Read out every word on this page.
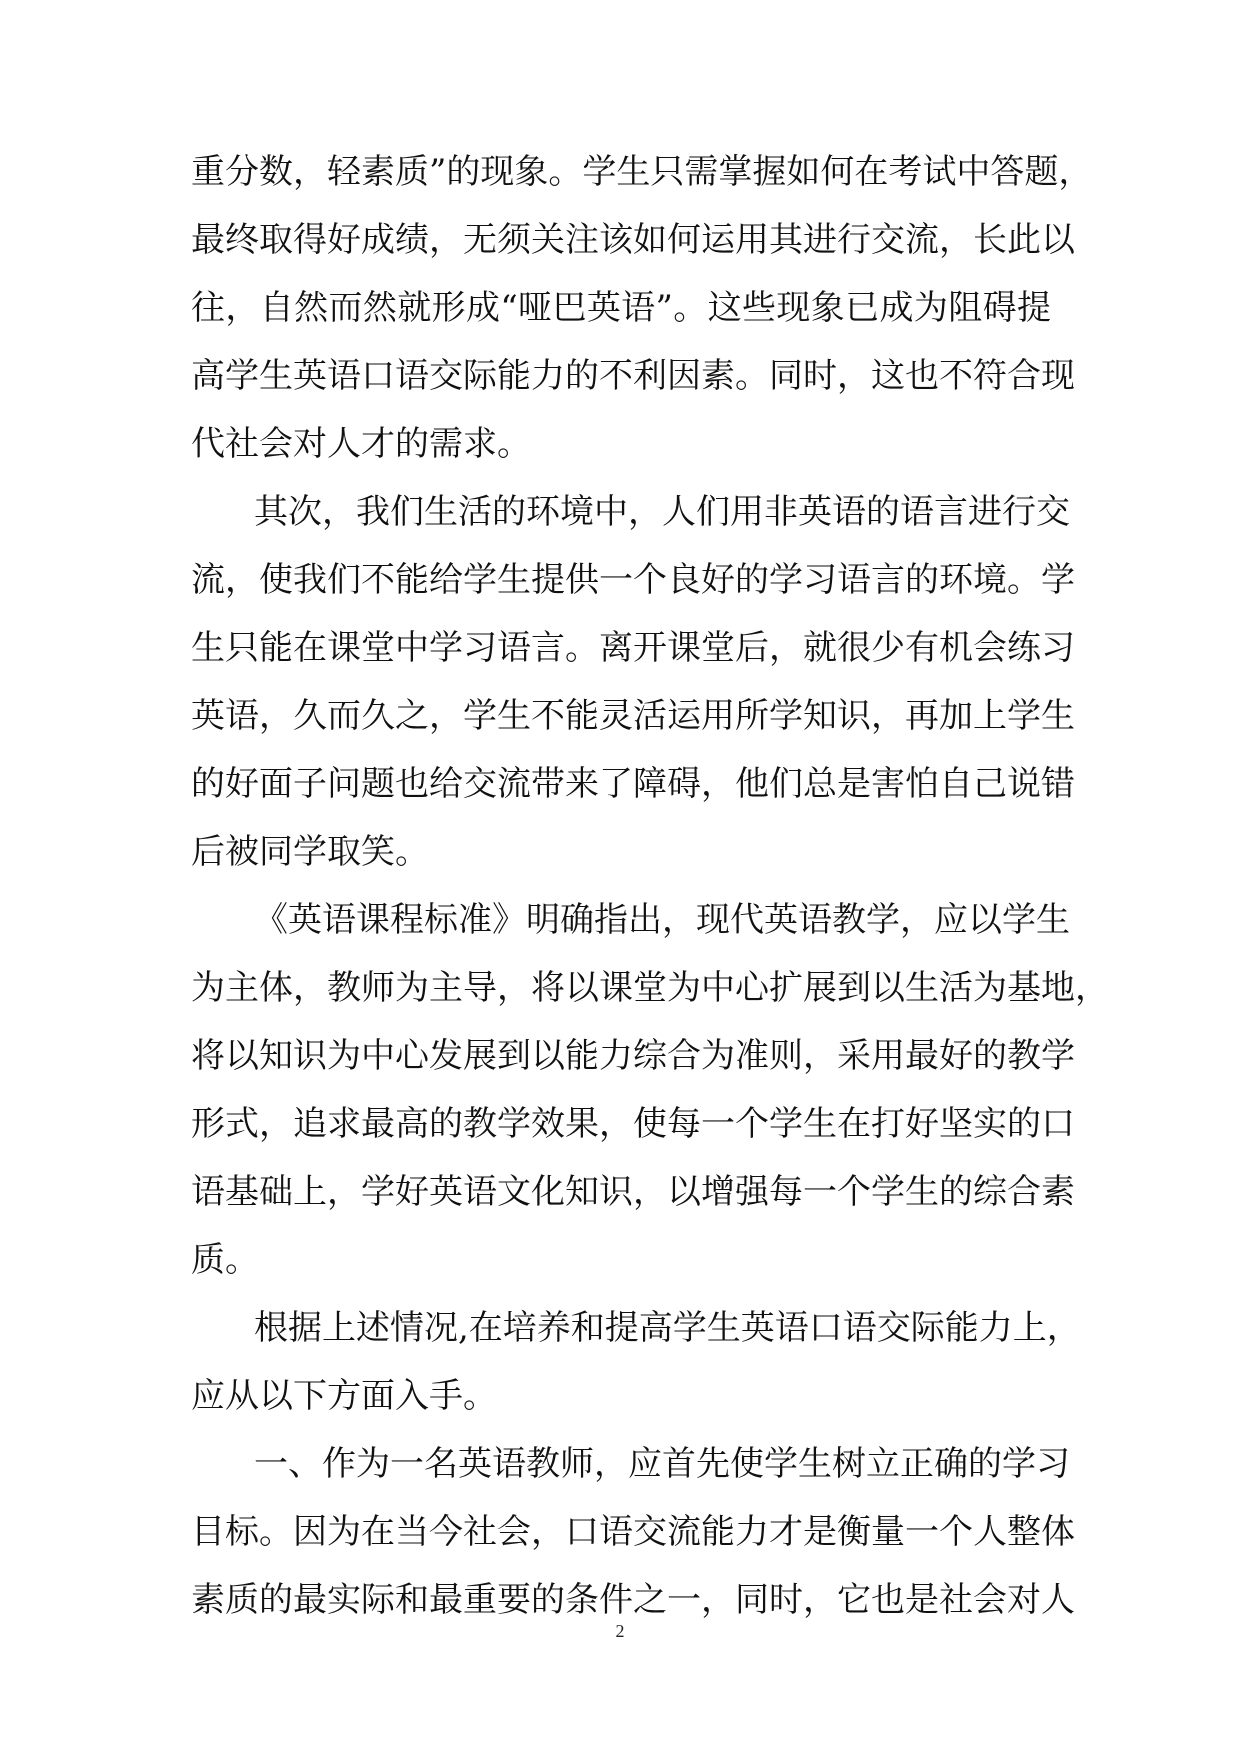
重分数，轻素质”的现象。学生只需掌握如何在考试中答题，
最终取得好成绩，无须关注该如何运用其进行交流，长此以
往，自然而然就形成“哑巴英语”。这些现象已成为阻碍提
高学生英语口语交际能力的不利因素。同时，这也不符合现
代社会对人才的需求。
其次，我们生活的环境中，人们用非英语的语言进行交
流，使我们不能给学生提供一个良好的学习语言的环境。学
生只能在课堂中学习语言。离开课堂后，就很少有机会练习
英语，久而久之，学生不能灵活运用所学知识，再加上学生
的好面子问题也给交流带来了障碍，他们总是害怕自己说错
后被同学取笑。
《英语课程标准》明确指出，现代英语教学，应以学生
为主体，教师为主导，将以课堂为中心扩展到以生活为基地，
将以知识为中心发展到以能力综合为准则，采用最好的教学
形式，追求最高的教学效果，使每一个学生在打好坚实的口
语基础上，学好英语文化知识，以增强每一个学生的综合素
质。
根据上述情况,在培养和提高学生英语口语交际能力上，
应从以下方面入手。
一、作为一名英语教师，应首先使学生树立正确的学习
目标。因为在当今社会，口语交流能力才是衡量一个人整体
素质的最实际和最重要的条件之一，同时，它也是社会对人
2
